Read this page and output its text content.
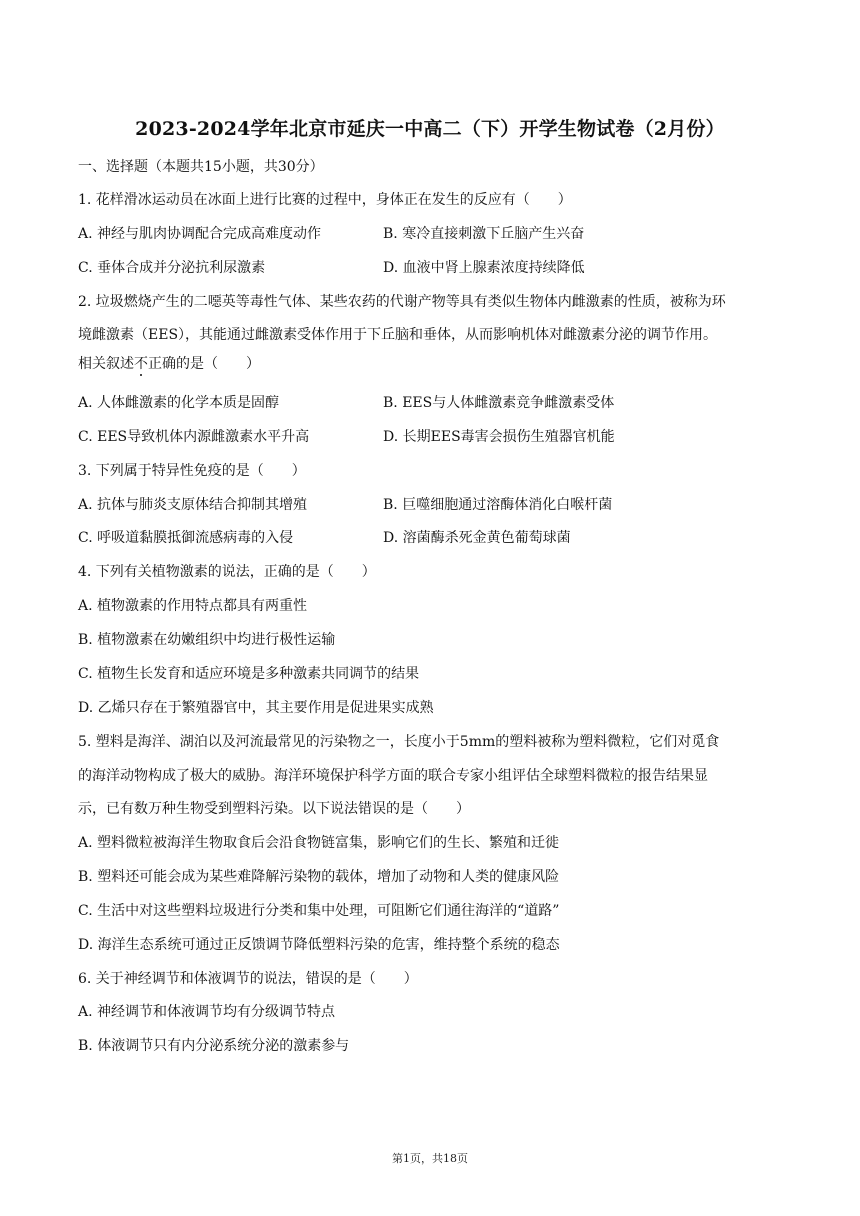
2023-2024学年北京市延庆一中高二（下）开学生物试卷（2月份）
一、选择题（本题共15小题，共30分）
1. 花样滑冰运动员在冰面上进行比赛的过程中，身体正在发生的反应有（　　）
A. 神经与肌肉协调配合完成高难度动作	B. 寒冷直接刺激下丘脑产生兴奋
C. 垂体合成并分泌抗利尿激素	D. 血液中肾上腺素浓度持续降低
2. 垃圾燃烧产生的二噁英等毒性气体、某些农药的代谢产物等具有类似生物体内雌激素的性质，被称为环
境雌激素（EES），其能通过雌激素受体作用于下丘脑和垂体，从而影响机体对雌激素分泌的调节作用。
相关叙述不正确的是（　　）
A. 人体雌激素的化学本质是固醇	B. EES与人体雌激素竞争雌激素受体
C. EES导致机体内源雌激素水平升高	D. 长期EES毒害会损伤生殖器官机能
3. 下列属于特异性免疫的是（　　）
A. 抗体与肺炎支原体结合抑制其增殖	B. 巨噬细胞通过溶酶体消化白喉杆菌
C. 呼吸道黏膜抵御流感病毒的入侵	D. 溶菌酶杀死金黄色葡萄球菌
4. 下列有关植物激素的说法，正确的是（　　）
A. 植物激素的作用特点都具有两重性
B. 植物激素在幼嫩组织中均进行极性运输
C. 植物生长发育和适应环境是多种激素共同调节的结果
D. 乙烯只存在于繁殖器官中，其主要作用是促进果实成熟
5. 塑料是海洋、湖泊以及河流最常见的污染物之一，长度小于5mm的塑料被称为塑料微粒，它们对觅食
的海洋动物构成了极大的威胁。海洋环境保护科学方面的联合专家小组评估全球塑料微粒的报告结果显
示，已有数万种生物受到塑料污染。以下说法错误的是（　　）
A. 塑料微粒被海洋生物取食后会沿食物链富集，影响它们的生长、繁殖和迁徙
B. 塑料还可能会成为某些难降解污染物的载体，增加了动物和人类的健康风险
C. 生活中对这些塑料垃圾进行分类和集中处理，可阻断它们通往海洋的“道路”
D. 海洋生态系统可通过正反馈调节降低塑料污染的危害，维持整个系统的稳态
6. 关于神经调节和体液调节的说法，错误的是（　　）
A. 神经调节和体液调节均有分级调节特点
B. 体液调节只有内分泌系统分泌的激素参与
第1页，共18页
